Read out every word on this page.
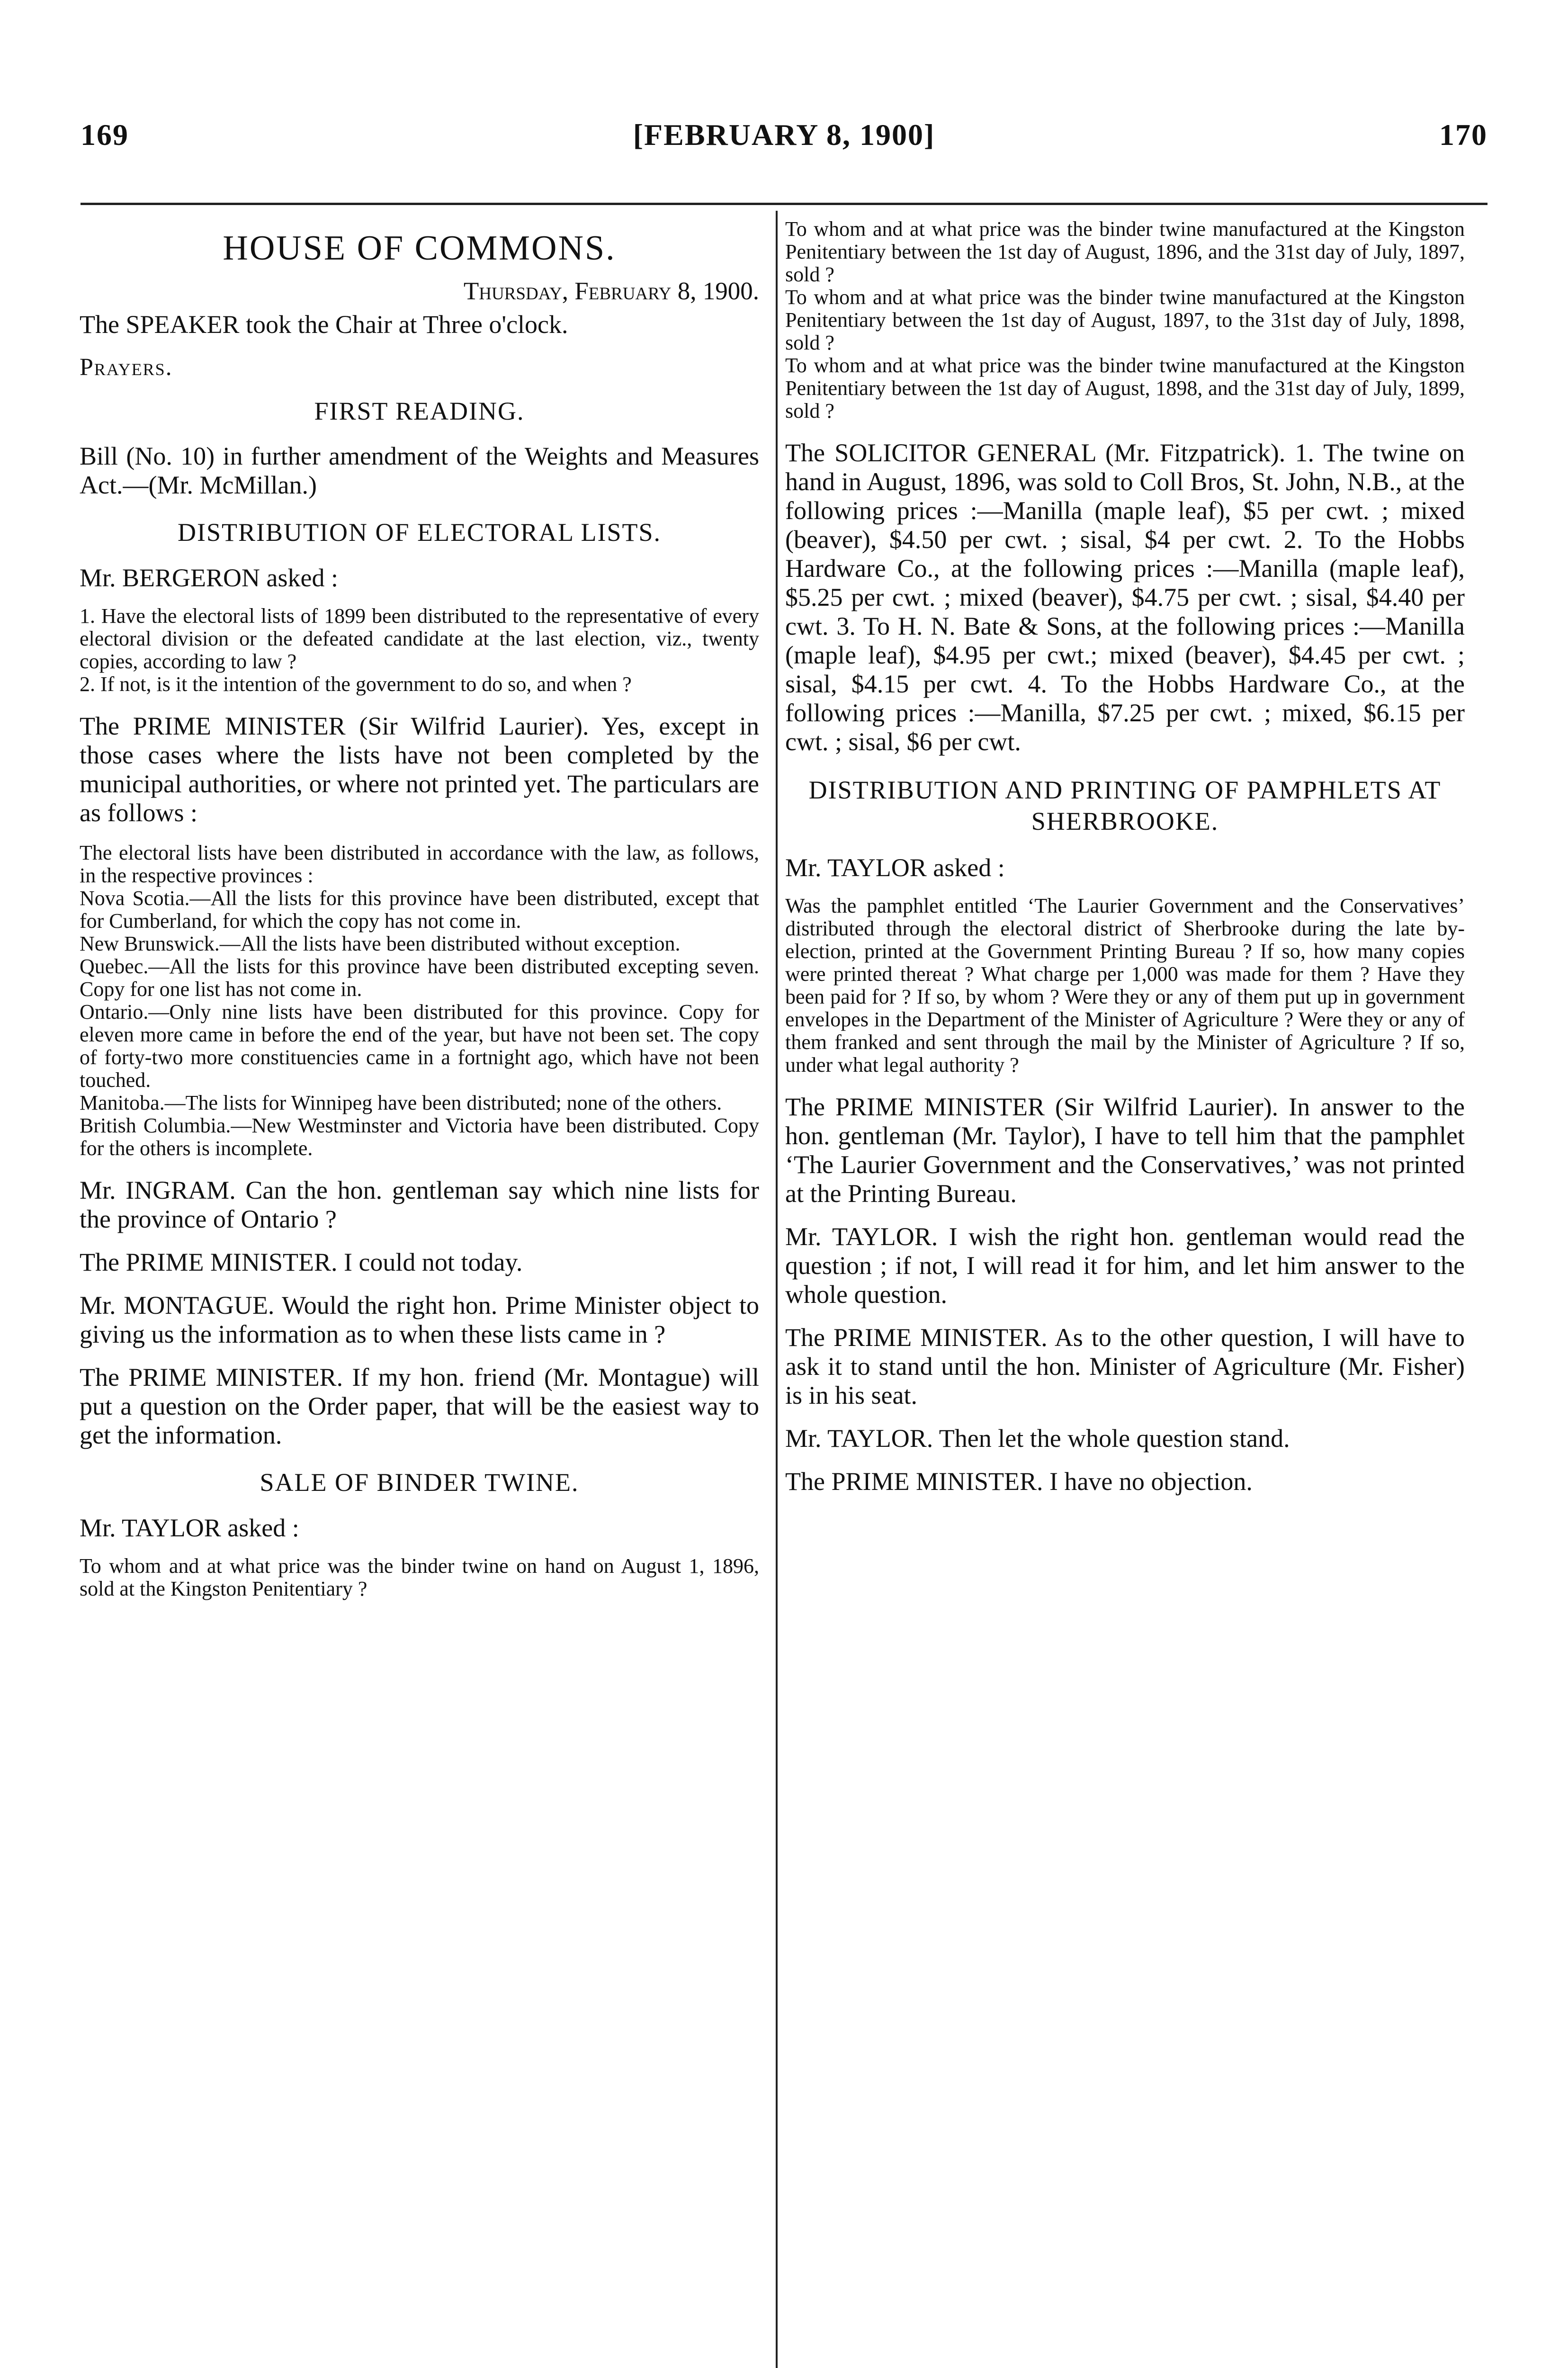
169	[FEBRUARY 8, 1900]	170
HOUSE OF COMMONS.

Thursday, February 8, 1900.

The SPEAKER took the Chair at Three o'clock.

Prayers.

FIRST READING.

Bill (No. 10) in further amendment of the Weights and Measures Act.—(Mr. McMillan.)

DISTRIBUTION OF ELECTORAL LISTS.

Mr. BERGERON asked :

1. Have the electoral lists of 1899 been distributed to the representative of every electoral division or the defeated candidate at the last election, viz., twenty copies, according to law ?

2. If not, is it the intention of the government to do so, and when ?

The PRIME MINISTER (Sir Wilfrid Laurier). Yes, except in those cases where the lists have not been completed by the municipal authorities, or where not printed yet. The particulars are as follows :

The electoral lists have been distributed in accordance with the law, as follows, in the respective provinces :

Nova Scotia.—All the lists for this province have been distributed, except that for Cumberland, for which the copy has not come in.

New Brunswick.—All the lists have been distributed without exception.

Quebec.—All the lists for this province have been distributed excepting seven. Copy for one list has not come in.

Ontario.—Only nine lists have been distributed for this province. Copy for eleven more came in before the end of the year, but have not been set. The copy of forty-two more constituencies came in a fortnight ago, which have not been touched.

Manitoba.—The lists for Winnipeg have been distributed; none of the others.

British Columbia.—New Westminster and Victoria have been distributed. Copy for the others is incomplete.

Mr. INGRAM. Can the hon. gentleman say which nine lists for the province of Ontario ?

The PRIME MINISTER. I could not today.

Mr. MONTAGUE. Would the right hon. Prime Minister object to giving us the information as to when these lists came in ?

The PRIME MINISTER. If my hon. friend (Mr. Montague) will put a question on the Order paper, that will be the easiest way to get the information.

SALE OF BINDER TWINE.

Mr. TAYLOR asked :

To whom and at what price was the binder twine on hand on August 1, 1896, sold at the Kingston Penitentiary ?

To whom and at what price was the binder twine manufactured at the Kingston Penitentiary between the 1st day of August, 1896, and the 31st day of July, 1897, sold ?

To whom and at what price was the binder twine manufactured at the Kingston Penitentiary between the 1st day of August, 1897, to the 31st day of July, 1898, sold ?

To whom and at what price was the binder twine manufactured at the Kingston Penitentiary between the 1st day of August, 1898, and the 31st day of July, 1899, sold ?

The SOLICITOR GENERAL (Mr. Fitzpatrick). 1. The twine on hand in August, 1896, was sold to Coll Bros, St. John, N.B., at the following prices :—Manilla (maple leaf), $5 per cwt. ; mixed (beaver), $4.50 per cwt. ; sisal, $4 per cwt. 2. To the Hobbs Hardware Co., at the following prices :—Manilla (maple leaf), $5.25 per cwt. ; mixed (beaver), $4.75 per cwt. ; sisal, $4.40 per cwt. 3. To H. N. Bate & Sons, at the following prices :—Manilla (maple leaf), $4.95 per cwt.; mixed (beaver), $4.45 per cwt. ; sisal, $4.15 per cwt. 4. To the Hobbs Hardware Co., at the following prices :—Manilla, $7.25 per cwt. ; mixed, $6.15 per cwt. ; sisal, $6 per cwt.

DISTRIBUTION AND PRINTING OF PAMPHLETS AT SHERBROOKE.

Mr. TAYLOR asked :

Was the pamphlet entitled ‘The Laurier Government and the Conservatives’ distributed through the electoral district of Sherbrooke during the late by-election, printed at the Government Printing Bureau ? If so, how many copies were printed thereat ? What charge per 1,000 was made for them ? Have they been paid for ? If so, by whom ? Were they or any of them put up in government envelopes in the Department of the Minister of Agriculture ? Were they or any of them franked and sent through the mail by the Minister of Agriculture ? If so, under what legal authority ?

The PRIME MINISTER (Sir Wilfrid Laurier). In answer to the hon. gentleman (Mr. Taylor), I have to tell him that the pamphlet ‘The Laurier Government and the Conservatives,’ was not printed at the Printing Bureau.

Mr. TAYLOR. I wish the right hon. gentleman would read the question ; if not, I will read it for him, and let him answer to the whole question.

The PRIME MINISTER. As to the other question, I will have to ask it to stand until the hon. Minister of Agriculture (Mr. Fisher) is in his seat.

Mr. TAYLOR. Then let the whole question stand.

The PRIME MINISTER. I have no objection.
